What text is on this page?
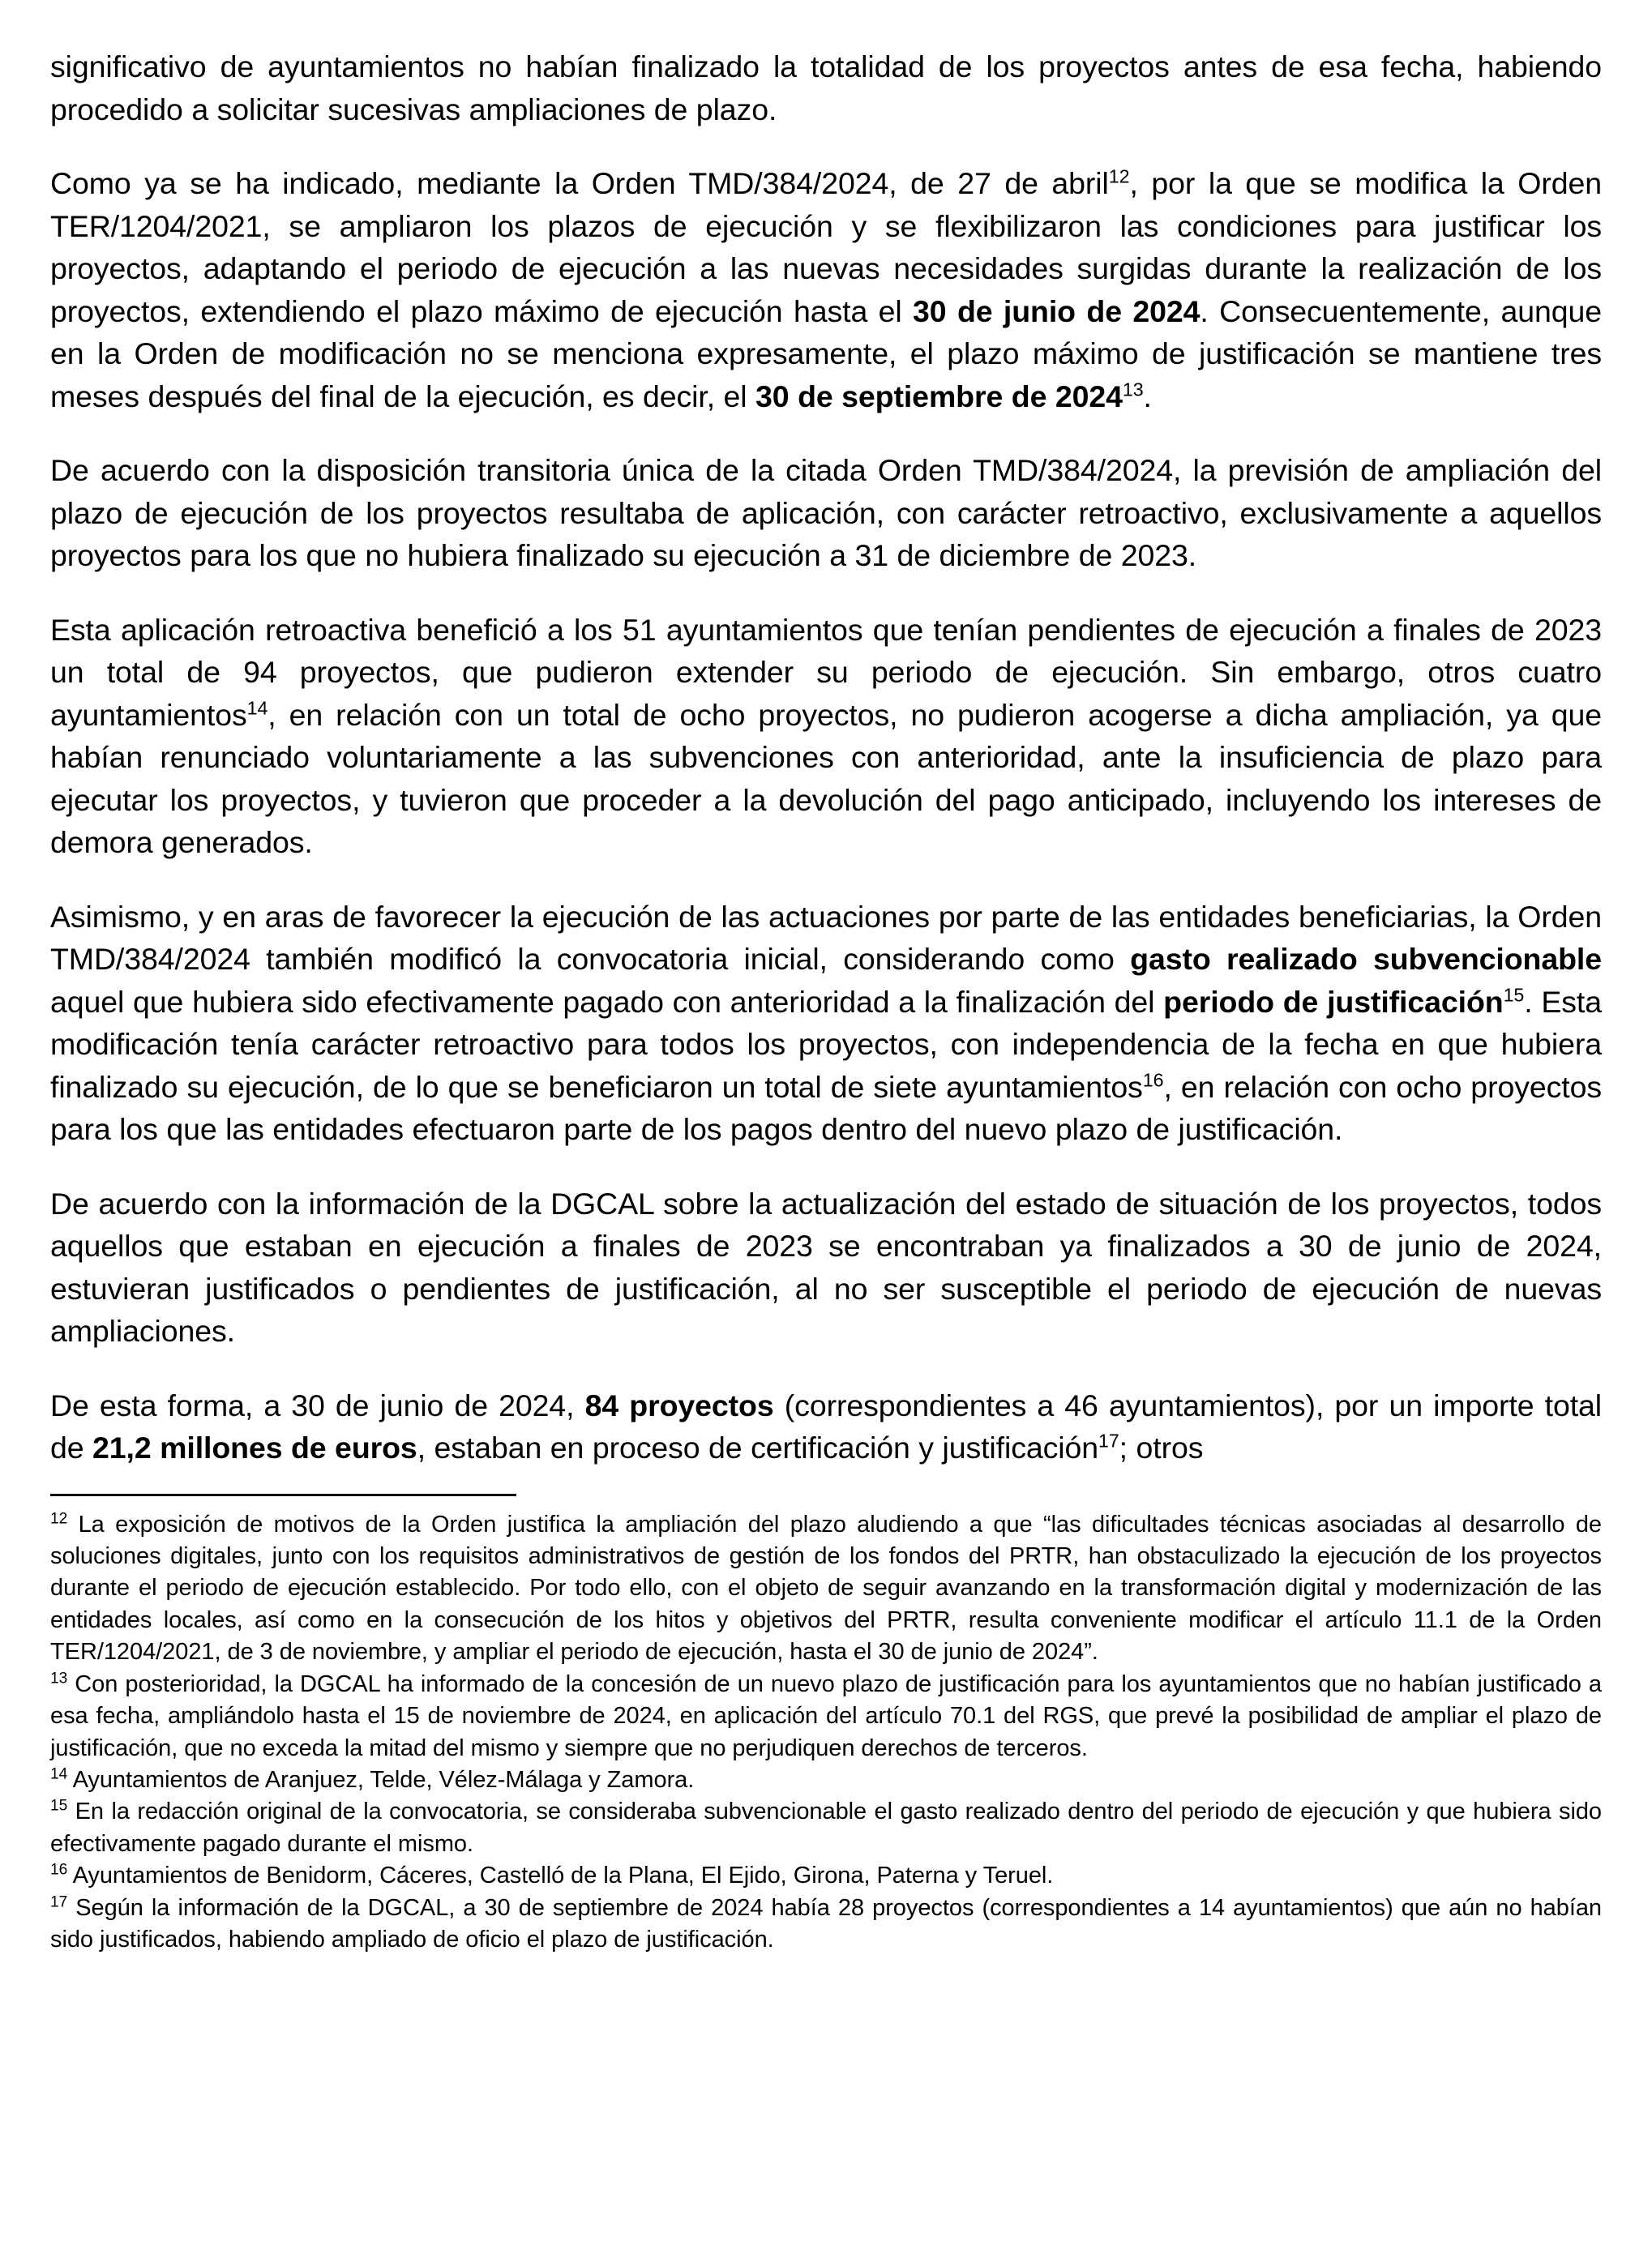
significativo de ayuntamientos no habían finalizado la totalidad de los proyectos antes de esa fecha, habiendo procedido a solicitar sucesivas ampliaciones de plazo.

Como ya se ha indicado, mediante la Orden TMD/384/2024, de 27 de abril$^{12}$, por la que se modifica la Orden TER/1204/2021, se ampliaron los plazos de ejecución y se flexibilizaron las condiciones para justificar los proyectos, adaptando el periodo de ejecución a las nuevas necesidades surgidas durante la realización de los proyectos, extendiendo el plazo máximo de ejecución hasta el 30 de junio de 2024. Consecuentemente, aunque en la Orden de modificación no se menciona expresamente, el plazo máximo de justificación se mantiene tres meses después del final de la ejecución, es decir, el 30 de septiembre de 2024$^{13}$.

De acuerdo con la disposición transitoria única de la citada Orden TMD/384/2024, la previsión de ampliación del plazo de ejecución de los proyectos resultaba de aplicación, con carácter retroactivo, exclusivamente a aquellos proyectos para los que no hubiera finalizado su ejecución a 31 de diciembre de 2023.

Esta aplicación retroactiva benefició a los 51 ayuntamientos que tenían pendientes de ejecución a finales de 2023 un total de 94 proyectos, que pudieron extender su periodo de ejecución. Sin embargo, otros cuatro ayuntamientos$^{14}$, en relación con un total de ocho proyectos, no pudieron acogerse a dicha ampliación, ya que habían renunciado voluntariamente a las subvenciones con anterioridad, ante la insuficiencia de plazo para ejecutar los proyectos, y tuvieron que proceder a la devolución del pago anticipado, incluyendo los intereses de demora generados.

Asimismo, y en aras de favorecer la ejecución de las actuaciones por parte de las entidades beneficiarias, la Orden TMD/384/2024 también modificó la convocatoria inicial, considerando como gasto realizado subvencionable aquel que hubiera sido efectivamente pagado con anterioridad a la finalización del periodo de justificación$^{15}$. Esta modificación tenía carácter retroactivo para todos los proyectos, con independencia de la fecha en que hubiera finalizado su ejecución, de lo que se beneficiaron un total de siete ayuntamientos$^{16}$, en relación con ocho proyectos para los que las entidades efectuaron parte de los pagos dentro del nuevo plazo de justificación.

De acuerdo con la información de la DGCAL sobre la actualización del estado de situación de los proyectos, todos aquellos que estaban en ejecución a finales de 2023 se encontraban ya finalizados a 30 de junio de 2024, estuvieran justificados o pendientes de justificación, al no ser susceptible el periodo de ejecución de nuevas ampliaciones.

De esta forma, a 30 de junio de 2024, 84 proyectos (correspondientes a 46 ayuntamientos), por un importe total de 21,2 millones de euros, estaban en proceso de certificación y justificación$^{17}$; otros

$^{12}$ La exposición de motivos de la Orden justifica la ampliación del plazo aludiendo a que “las dificultades técnicas asociadas al desarrollo de soluciones digitales, junto con los requisitos administrativos de gestión de los fondos del PRTR, han obstaculizado la ejecución de los proyectos durante el periodo de ejecución establecido. Por todo ello, con el objeto de seguir avanzando en la transformación digital y modernización de las entidades locales, así como en la consecución de los hitos y objetivos del PRTR, resulta conveniente modificar el artículo 11.1 de la Orden TER/1204/2021, de 3 de noviembre, y ampliar el periodo de ejecución, hasta el 30 de junio de 2024”.

$^{13}$ Con posterioridad, la DGCAL ha informado de la concesión de un nuevo plazo de justificación para los ayuntamientos que no habían justificado a esa fecha, ampliándolo hasta el 15 de noviembre de 2024, en aplicación del artículo 70.1 del RGS, que prevé la posibilidad de ampliar el plazo de justificación, que no exceda la mitad del mismo y siempre que no perjudiquen derechos de terceros.

$^{14}$ Ayuntamientos de Aranjuez, Telde, Vélez-Málaga y Zamora.

$^{15}$ En la redacción original de la convocatoria, se consideraba subvencionable el gasto realizado dentro del periodo de ejecución y que hubiera sido efectivamente pagado durante el mismo.

$^{16}$ Ayuntamientos de Benidorm, Cáceres, Castelló de la Plana, El Ejido, Girona, Paterna y Teruel.

$^{17}$ Según la información de la DGCAL, a 30 de septiembre de 2024 había 28 proyectos (correspondientes a 14 ayuntamientos) que aún no habían sido justificados, habiendo ampliado de oficio el plazo de justificación.
